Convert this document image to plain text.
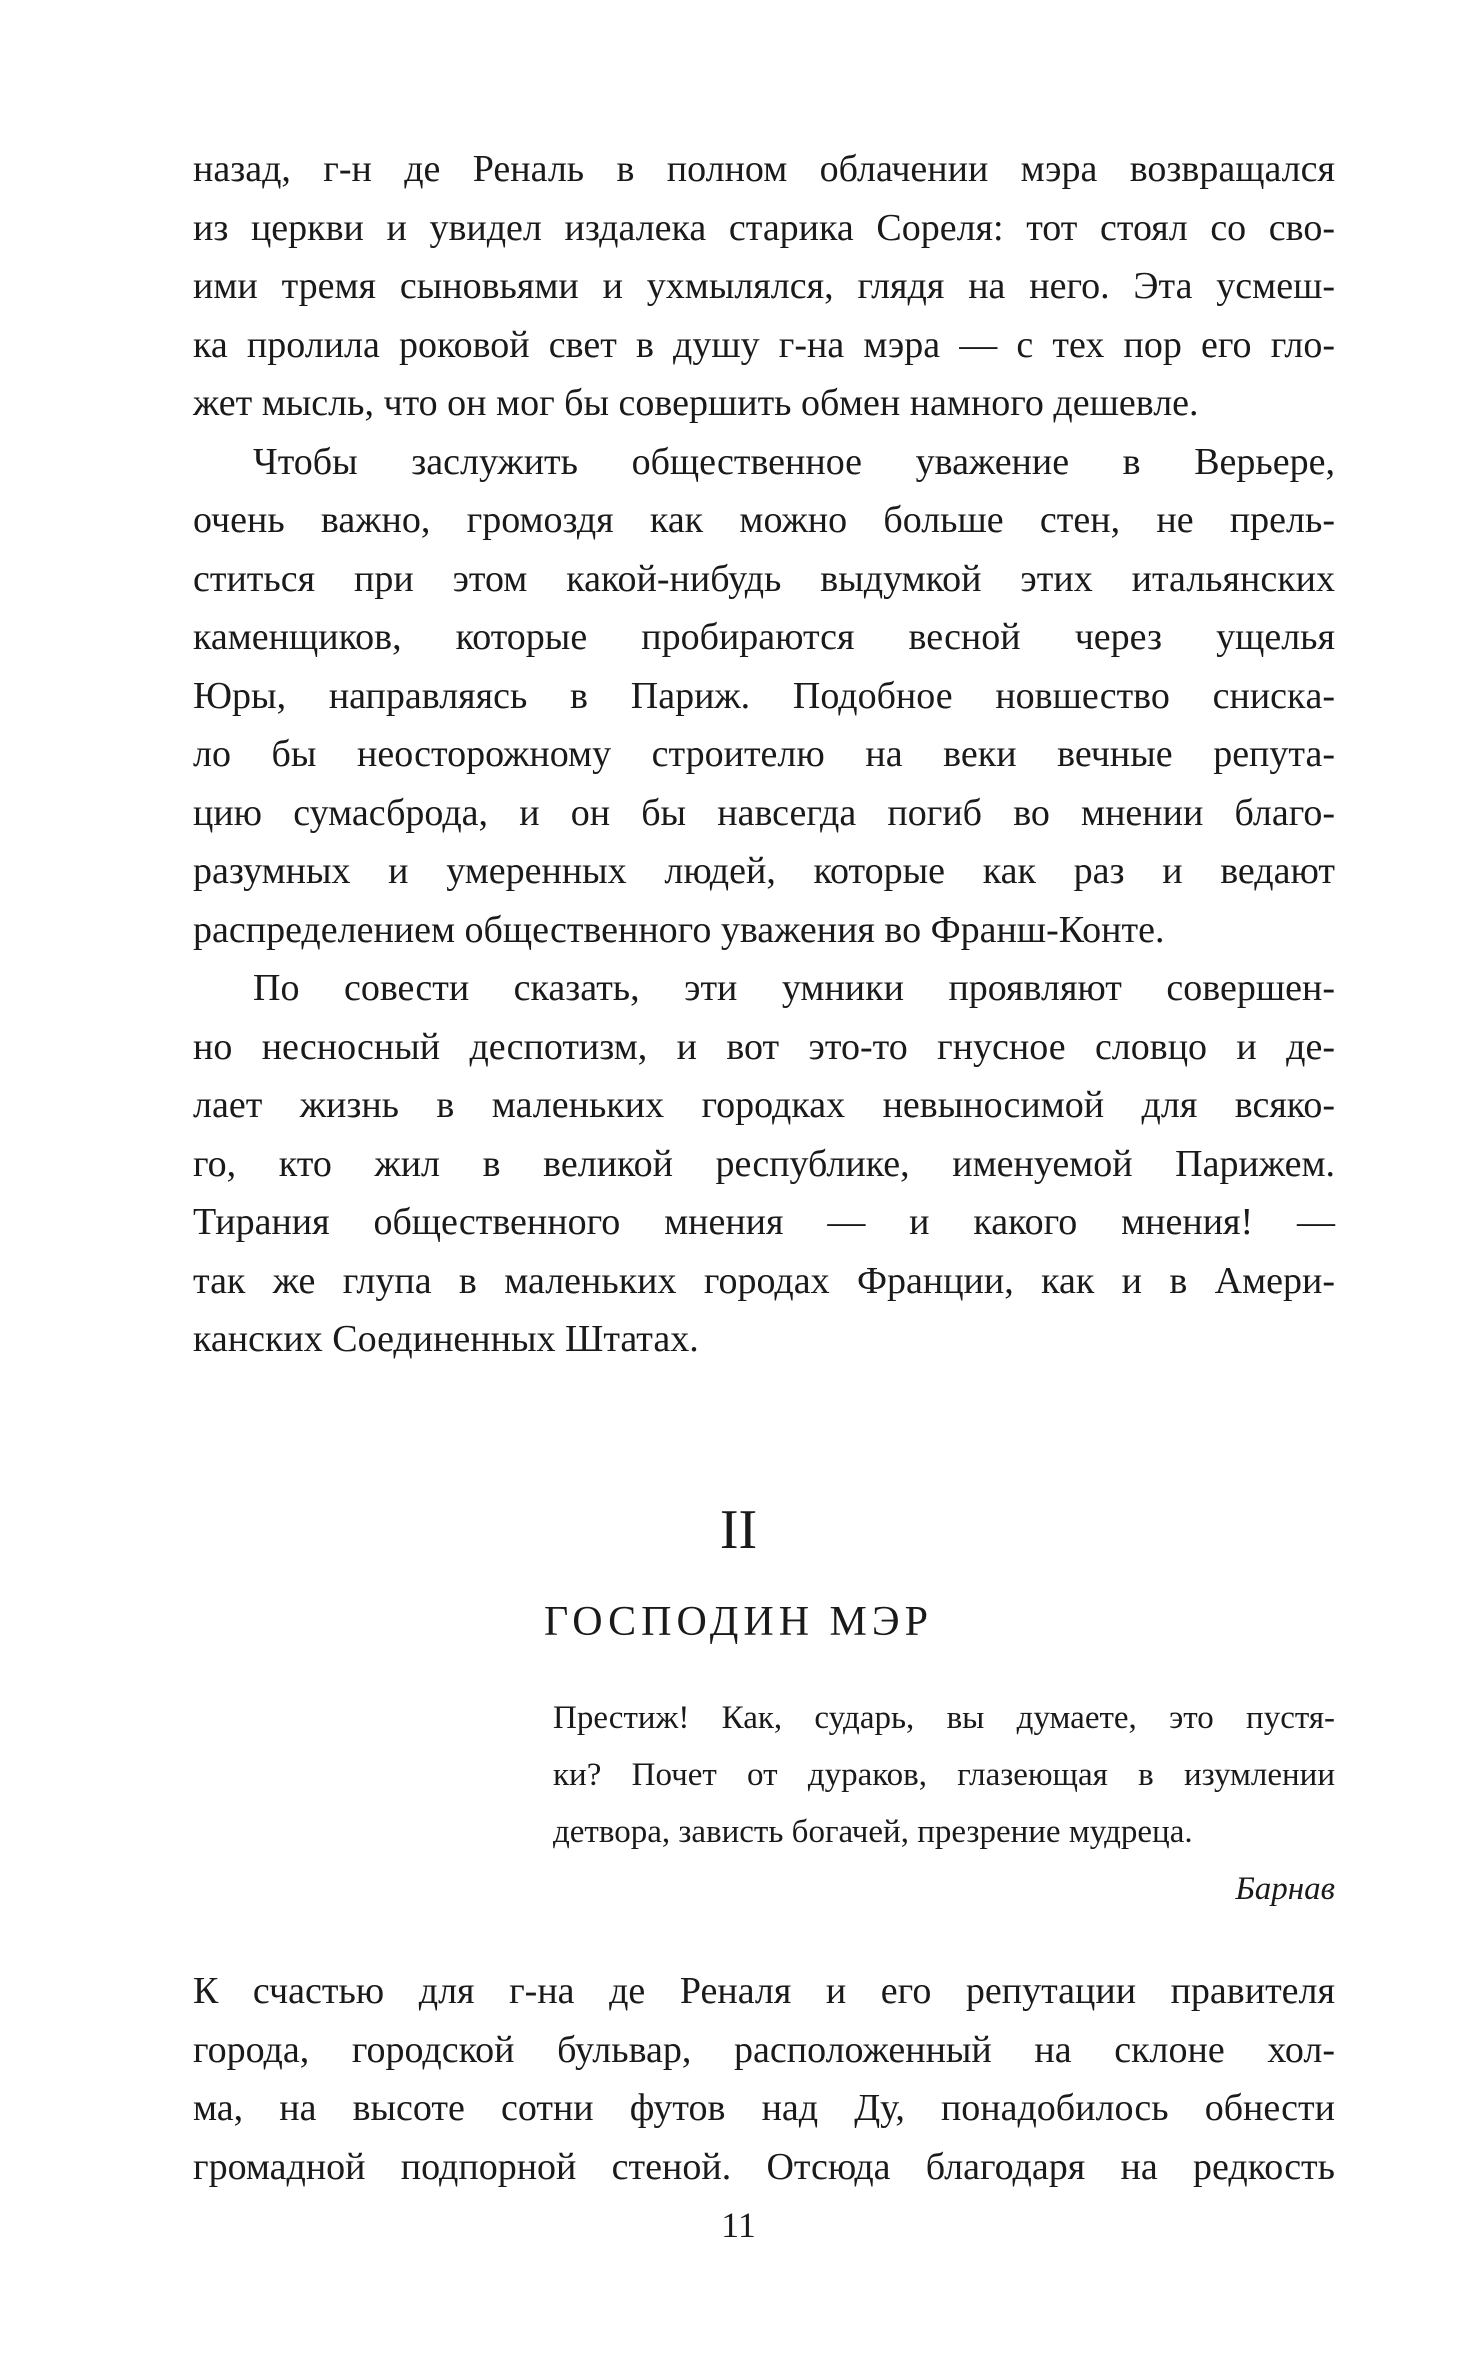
назад, г-н де Реналь в полном облачении мэра возвращался
из церкви и увидел издалека старика Сореля: тот стоял со сво-
ими тремя сыновьями и ухмылялся, глядя на него. Эта усмеш-
ка пролила роковой свет в душу г-на мэра — с тех пор его гло-
жет мысль, что он мог бы совершить обмен намного дешевле.
Чтобы заслужить общественное уважение в Верьере,
очень важно, громоздя как можно больше стен, не прель-
ститься при этом какой-нибудь выдумкой этих итальянских
каменщиков, которые пробираются весной через ущелья
Юры, направляясь в Париж. Подобное новшество снискa-
ло бы неосторожному строителю на веки вечные репута-
цию сумасброда, и он бы навсегда погиб во мнении благо-
разумных и умеренных людей, которые как раз и ведают
распределением общественного уважения во Франш-Конте.
По совести сказать, эти умники проявляют совершен-
но несносный деспотизм, и вот это-то гнусное словцо и де-
лает жизнь в маленьких городках невыносимой для всяко-
го, кто жил в великой республике, именуемой Парижем.
Тирания общественного мнения — и какого мнения! —
так же глупа в маленьких городах Франции, как и в Амери-
канских Соединенных Штатах.
II
ГОСПОДИН МЭР
Престиж! Как, сударь, вы думаете, это пустя-
ки? Почет от дураков, глазеющая в изумлении
детвора, зависть богачей, презрение мудреца.
Барнав
К счастью для г-на де Реналя и его репутации правителя
города, городской бульвар, расположенный на склоне хол-
ма, на высоте сотни футов над Ду, понадобилось обнести
громадной подпорной стеной. Отсюда благодаря на редкость
11
